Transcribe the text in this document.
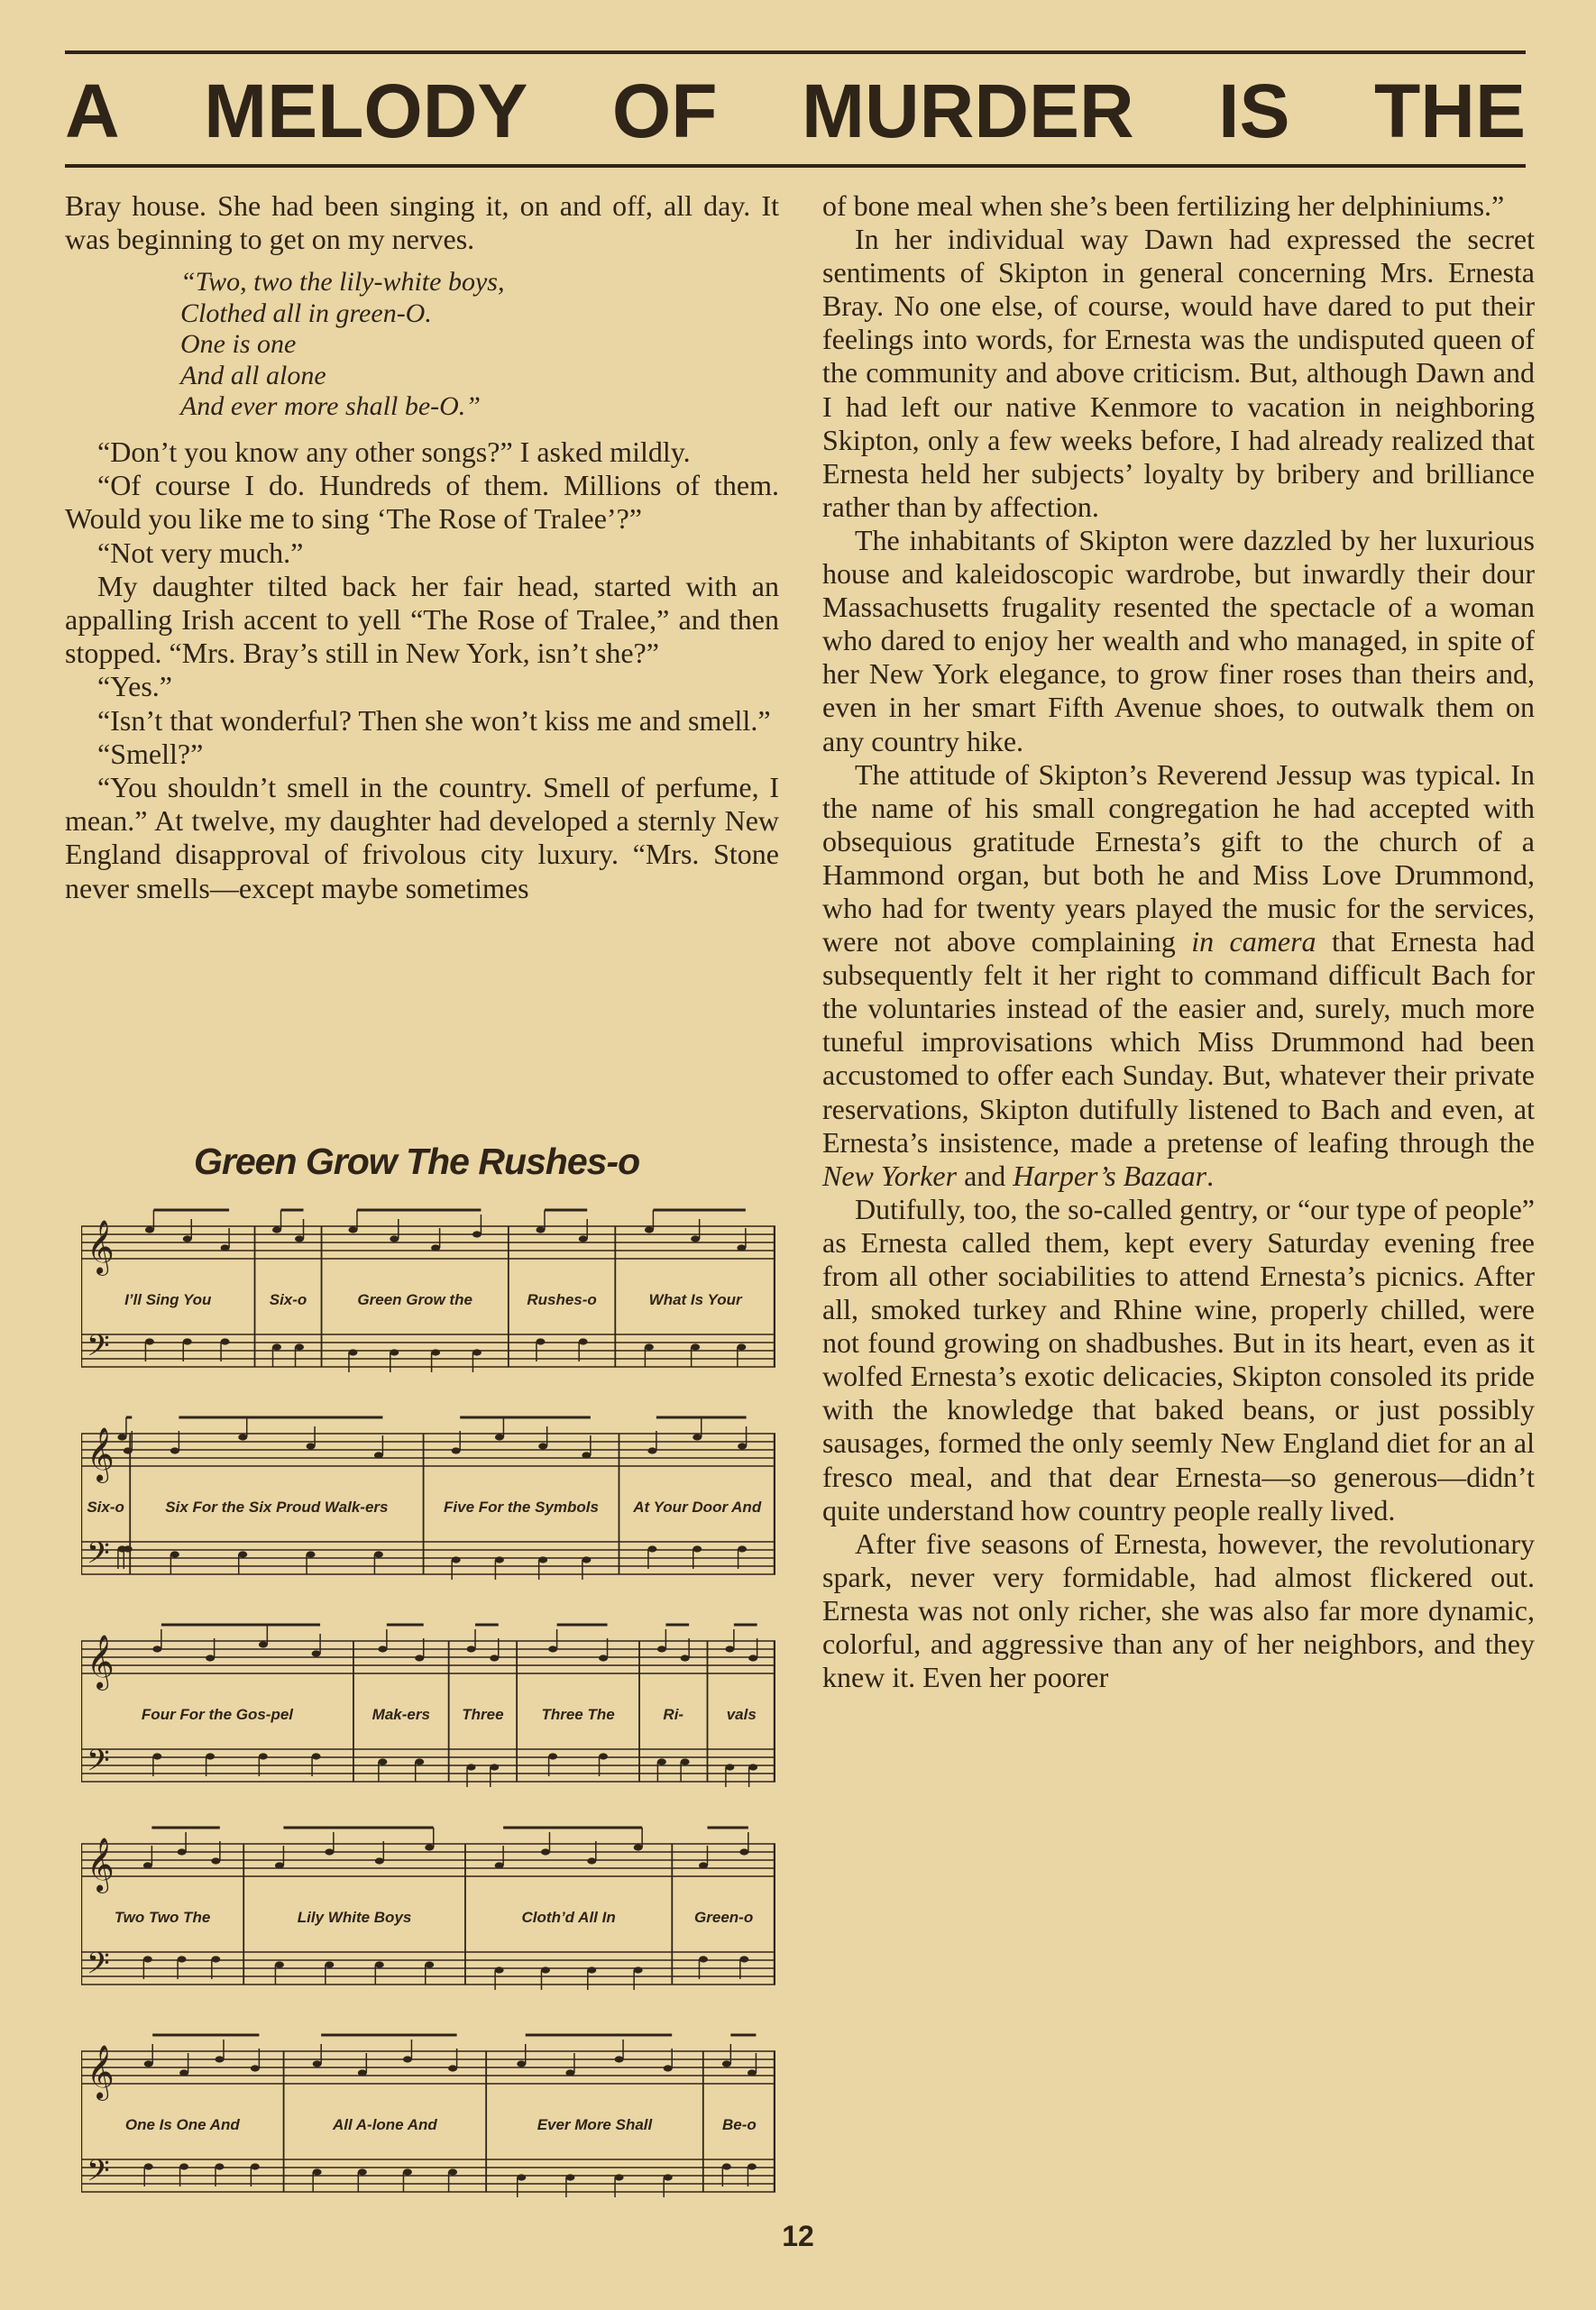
A MELODY OF MURDER IS THE

Bray house. She had been singing it, on and off, all day. It was beginning to get on my nerves.

“Two, two the lily-white boys,
Clothed all in green-O.
One is one
And all alone
And ever more shall be-O.”

“Don’t you know any other songs?” I asked mildly.

“Of course I do. Hundreds of them. Millions of them. Would you like me to sing ‘The Rose of Tralee’?”

“Not very much.”

My daughter tilted back her fair head, started with an appalling Irish accent to yell “The Rose of Tralee,” and then stopped. “Mrs. Bray’s still in New York, isn’t she?”

“Yes.”

“Isn’t that wonderful? Then she won’t kiss me and smell.”

“Smell?”

“You shouldn’t smell in the country. Smell of perfume, I mean.” At twelve, my daughter had developed a sternly New England disapproval of frivolous city luxury. “Mrs. Stone never smells—except maybe sometimes

Green Grow The Rushes-o
𝄞
𝄢
I’ll Sing You	Six-o	Green Grow the	Rushes-o	What Is Your
𝄞
𝄢
Six-o	Six For the Six Proud Walk-ers	Five For the Symbols	At Your Door And
𝄞
𝄢
Four For the Gos-pel	Mak-ers	Three	Three The	Ri-	vals
𝄞
𝄢
Two Two The	Lily White Boys	Cloth’d All In	Green-o
𝄞
𝄢
One Is One And	All A-lone And	Ever More Shall	Be-o

of bone meal when she’s been fertilizing her delphiniums.”

In her individual way Dawn had expressed the secret sentiments of Skipton in general concerning Mrs. Ernesta Bray. No one else, of course, would have dared to put their feelings into words, for Ernesta was the undisputed queen of the community and above criticism. But, although Dawn and I had left our native Kenmore to vacation in neighboring Skipton, only a few weeks before, I had already realized that Ernesta held her subjects’ loyalty by bribery and brilliance rather than by affection.

The inhabitants of Skipton were dazzled by her luxurious house and kaleidoscopic wardrobe, but inwardly their dour Massachusetts frugality resented the spectacle of a woman who dared to enjoy her wealth and who managed, in spite of her New York elegance, to grow finer roses than theirs and, even in her smart Fifth Avenue shoes, to outwalk them on any country hike.

The attitude of Skipton’s Reverend Jessup was typical. In the name of his small congregation he had accepted with obsequious gratitude Ernesta’s gift to the church of a Hammond organ, but both he and Miss Love Drummond, who had for twenty years played the music for the services, were not above complaining in camera that Ernesta had subsequently felt it her right to command difficult Bach for the voluntaries instead of the easier and, surely, much more tuneful improvisations which Miss Drummond had been accustomed to offer each Sunday. But, whatever their private reservations, Skipton dutifully listened to Bach and even, at Ernesta’s insistence, made a pretense of leafing through the New Yorker and Harper’s Bazaar.

Dutifully, too, the so-called gentry, or “our type of people” as Ernesta called them, kept every Saturday evening free from all other sociabilities to attend Ernesta’s picnics. After all, smoked turkey and Rhine wine, properly chilled, were not found growing on shadbushes. But in its heart, even as it wolfed Ernesta’s exotic delicacies, Skipton consoled its pride with the knowledge that baked beans, or just possibly sausages, formed the only seemly New England diet for an al fresco meal, and that dear Ernesta—so generous—didn’t quite understand how country people really lived.

After five seasons of Ernesta, however, the revolutionary spark, never very formidable, had almost flickered out. Ernesta was not only richer, she was also far more dynamic, colorful, and aggressive than any of her neighbors, and they knew it. Even her poorer

12
